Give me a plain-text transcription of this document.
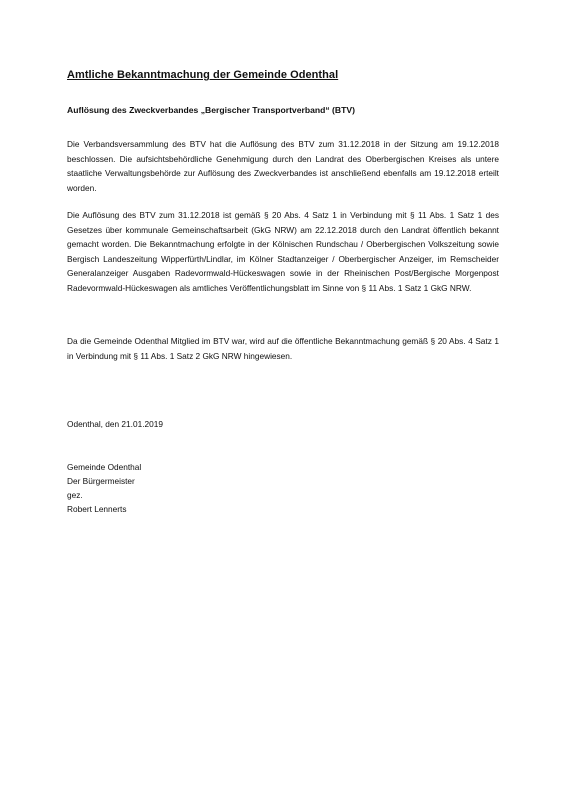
Amtliche Bekanntmachung der Gemeinde Odenthal
Auflösung des Zweckverbandes „Bergischer Transportverband“ (BTV)
Die Verbandsversammlung des BTV hat die Auflösung des BTV zum 31.12.2018 in der Sitzung am 19.12.2018 beschlossen. Die aufsichtsbehördliche Genehmigung durch den Landrat des Oberbergischen Kreises als untere staatliche Verwaltungsbehörde zur Auflösung des Zweckverbandes ist anschließend ebenfalls am 19.12.2018 erteilt worden.
Die Auflösung des BTV zum 31.12.2018 ist gemäß § 20 Abs. 4 Satz 1 in Verbindung mit § 11 Abs. 1 Satz 1 des Gesetzes über kommunale Gemeinschaftsarbeit (GkG NRW) am 22.12.2018 durch den Landrat öffentlich bekannt gemacht worden. Die Bekanntmachung erfolgte in der Kölnischen Rundschau / Oberbergischen Volkszeitung sowie Bergisch Landeszeitung Wipperfürth/Lindlar, im Kölner Stadtanzeiger / Oberbergischer Anzeiger, im Remscheider Generalanzeiger Ausgaben Radevormwald-Hückeswagen sowie in der Rheinischen Post/Bergische Morgenpost Radevormwald-Hückeswagen als amtliches Veröffentlichungsblatt im Sinne von § 11 Abs. 1 Satz 1 GkG NRW.
Da die Gemeinde Odenthal Mitglied im BTV war, wird auf die öffentliche Bekanntmachung gemäß § 20 Abs. 4 Satz 1 in Verbindung mit § 11 Abs. 1 Satz 2 GkG NRW hingewiesen.
Odenthal, den 21.01.2019
Gemeinde Odenthal
Der Bürgermeister
gez.
Robert Lennerts
